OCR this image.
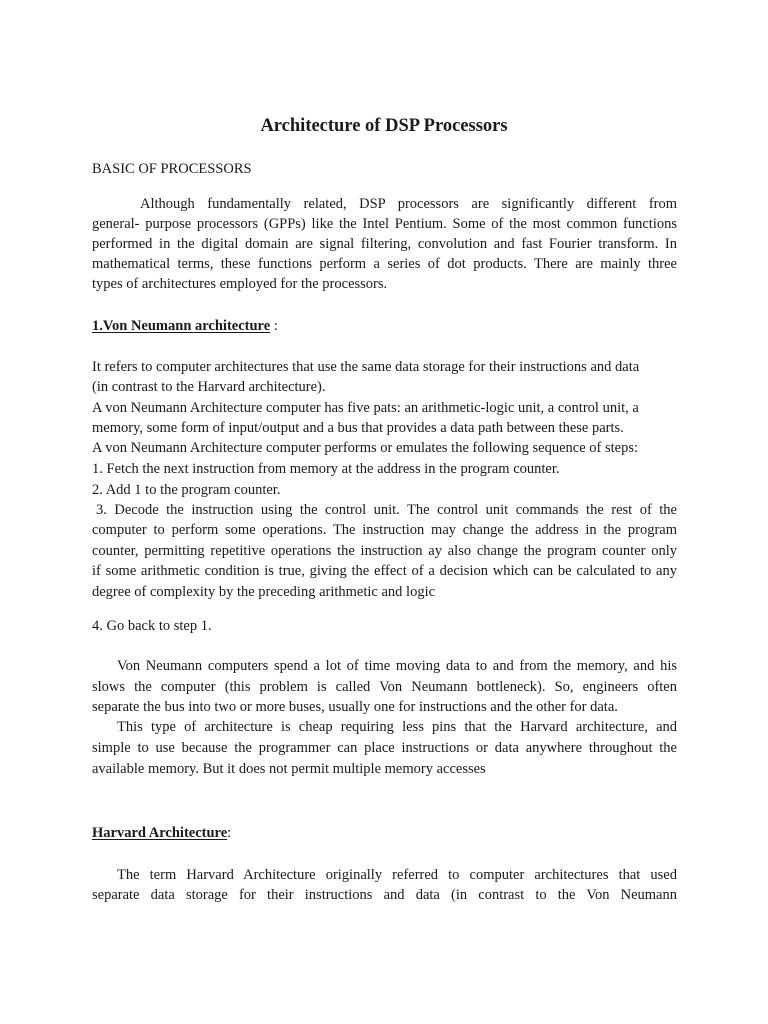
Architecture of DSP Processors
BASIC OF PROCESSORS
Although fundamentally related, DSP processors are significantly different from
general- purpose processors (GPPs) like the Intel Pentium. Some of the most common functions
performed in the digital domain are signal filtering, convolution and fast Fourier transform. In
mathematical terms, these functions perform a series of dot products. There are mainly three
types of architectures employed for the processors.
1.Von Neumann architecture :
It refers to computer architectures that use the same data storage for their instructions and data
(in contrast to the Harvard architecture).
A von Neumann Architecture computer has five pats: an arithmetic-logic unit, a control unit, a
memory, some form of input/output and a bus that provides a data path between these parts.
A von Neumann Architecture computer performs or emulates the following sequence of steps:
1. Fetch the next instruction from memory at the address in the program counter.
2. Add 1 to the program counter.
3. Decode the instruction using the control unit. The control unit commands the rest of the
computer to perform some operations. The instruction may change the address in the program
counter, permitting repetitive operations the instruction ay also change the program counter only
if some arithmetic condition is true, giving the effect of a decision which can be calculated to any
degree of complexity by the preceding arithmetic and logic
4. Go back to step 1.
Von Neumann computers spend a lot of time moving data to and from the memory, and his
slows the computer (this problem is called Von Neumann bottleneck). So, engineers often
separate the bus into two or more buses, usually one for instructions and the other for data.
This type of architecture is cheap requiring less pins that the Harvard architecture, and
simple to use because the programmer can place instructions or data anywhere throughout the
available memory. But it does not permit multiple memory accesses
Harvard Architecture:
The term Harvard Architecture originally referred to computer architectures that used
separate data storage for their instructions and data (in contrast to the Von Neumann
